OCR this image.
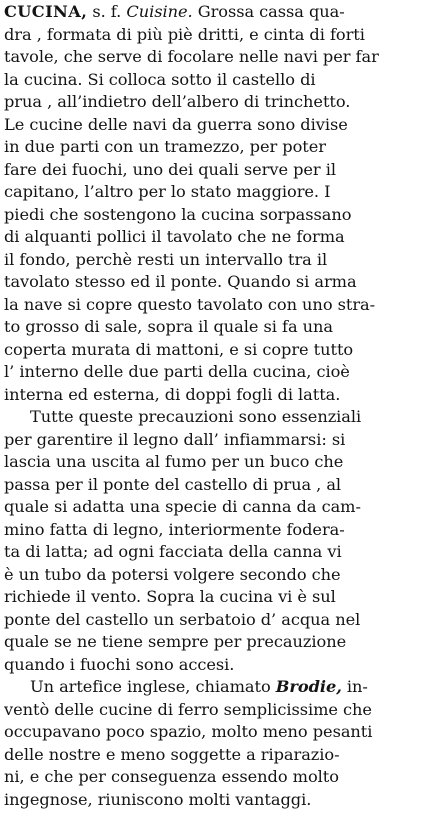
CUCINA, s. f. Cuisine. Grossa cassa qua-
dra , formata di più piè dritti, e cinta di forti
tavole, che serve di focolare nelle navi per far
la cucina. Si colloca sotto il castello di
prua , all’indietro dell’albero di trinchetto.
Le cucine delle navi da guerra sono divise
in due parti con un tramezzo, per poter
fare dei fuochi, uno dei quali serve per il
capitano, l’altro per lo stato maggiore. I
piedi che sostengono la cucina sorpassano
di alquanti pollici il tavolato che ne forma
il fondo, perchè resti un intervallo tra il
tavolato stesso ed il ponte. Quando si arma
la nave si copre questo tavolato con uno stra-
to grosso di sale, sopra il quale si fa una
coperta murata di mattoni, e si copre tutto
l’ interno delle due parti della cucina, cioè
interna ed esterna, di doppi fogli di latta.
Tutte queste precauzioni sono essenziali
per garentire il legno dall’ infiammarsi: si
lascia una uscita al fumo per un buco che
passa per il ponte del castello di prua , al
quale si adatta una specie di canna da cam-
mino fatta di legno, interiormente fodera-
ta di latta; ad ogni facciata della canna vi
è un tubo da potersi volgere secondo che
richiede il vento. Sopra la cucina vi è sul
ponte del castello un serbatoio d’ acqua nel
quale se ne tiene sempre per precauzione
quando i fuochi sono accesi.
Un artefice inglese, chiamato Brodie, in-
ventò delle cucine di ferro semplicissime che
occupavano poco spazio, molto meno pesanti
delle nostre e meno soggette a riparazio-
ni, e che per conseguenza essendo molto
ingegnose, riuniscono molti vantaggi.
